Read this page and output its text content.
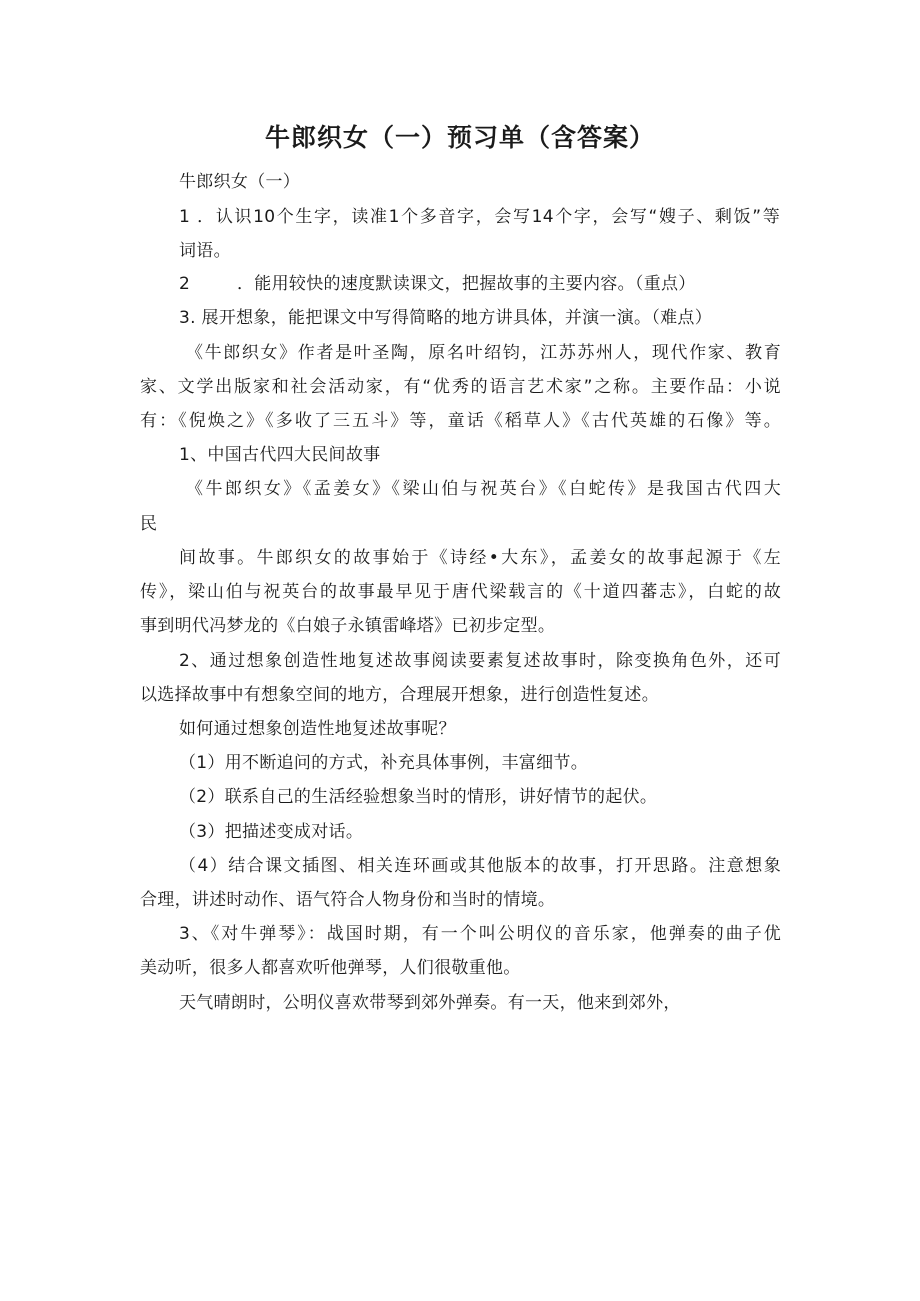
牛郎织女（一）预习单（含答案）
牛郎织女（一）
1 ．认识10个生字，读准1个多音字，会写14个字，会写“嫂子、剩饭”等
词语。
2	．能用较快的速度默读课文，把握故事的主要内容。（重点）
3. 展开想象，能把课文中写得简略的地方讲具体，并演一演。（难点）
《牛郎织女》作者是叶圣陶，原名叶绍钧，江苏苏州人，现代作家、教育
家、文学出版家和社会活动家，有“优秀的语言艺术家”之称。主要作品：小说
有：《倪焕之》《多收了三五斗》等，童话《稻草人》《古代英雄的石像》等。
1、中国古代四大民间故事
《牛郎织女》《孟姜女》《梁山伯与祝英台》《白蛇传》是我国古代四大
民
间故事。牛郎织女的故事始于《诗经•大东》，孟姜女的故事起源于《左
传》，梁山伯与祝英台的故事最早见于唐代梁载言的《十道四蕃志》，白蛇的故
事到明代冯梦龙的《白娘子永镇雷峰塔》已初步定型。
2、通过想象创造性地复述故事阅读要素复述故事时，除变换角色外，还可
以选择故事中有想象空间的地方，合理展开想象，进行创造性复述。
如何通过想象创造性地复述故事呢？
（1）用不断追问的方式，补充具体事例，丰富细节。
（2）联系自己的生活经验想象当时的情形，讲好情节的起伏。
（3）把描述变成对话。
（4）结合课文插图、相关连环画或其他版本的故事，打开思路。注意想象
合理，讲述时动作、语气符合人物身份和当时的情境。
3、《对牛弹琴》：战国时期，有一个叫公明仪的音乐家，他弹奏的曲子优
美动听，很多人都喜欢听他弹琴，人们很敬重他。
天气晴朗时，公明仪喜欢带琴到郊外弹奏。有一天，他来到郊外，
